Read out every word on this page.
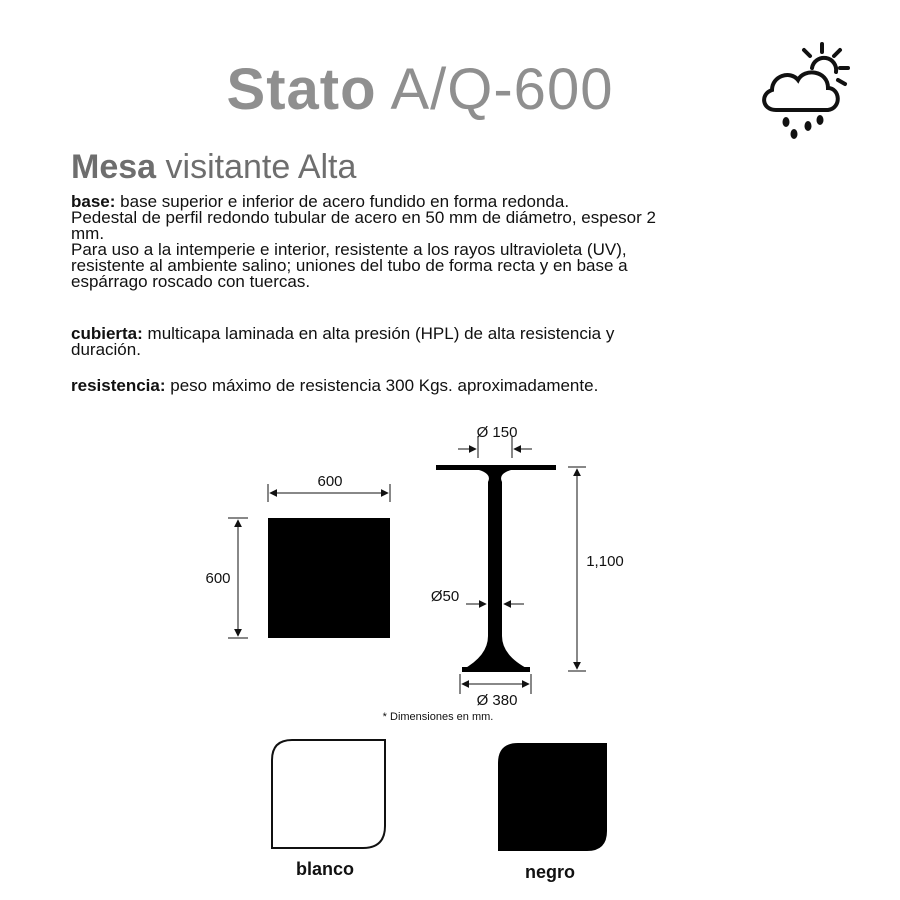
Stato A/Q-600
Mesa visitante Alta
base: base superior e inferior de acero fundido en forma redonda.
Pedestal de perfil redondo tubular de acero en 50 mm de diámetro, espesor 2
mm.
Para uso a la intemperie e interior, resistente a los rayos ultravioleta (UV),
resistente al ambiente salino; uniones del tubo de forma recta y en base a
espárrago roscado con tuercas.
cubierta: multicapa laminada en alta presión (HPL) de alta resistencia y
duración.
resistencia: peso máximo de resistencia 300 Kgs. aproximadamente.
600
600
Ø 150
Ø50
1,100
Ø 380
* Dimensiones en mm.
blanco	negro
